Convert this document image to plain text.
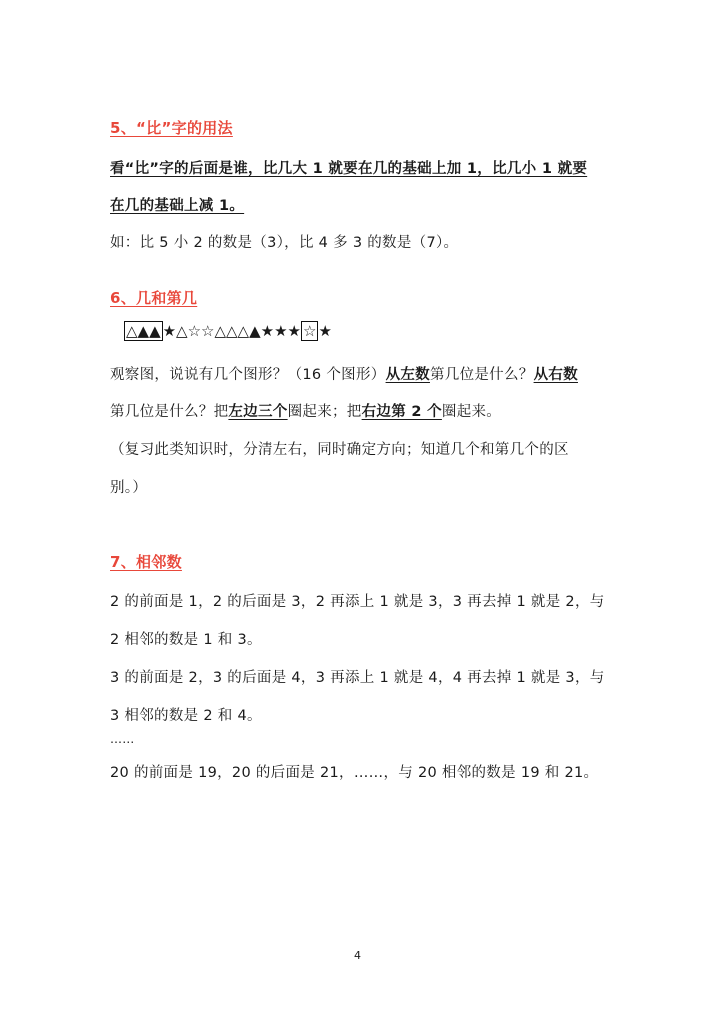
5、“比”字的用法
看“比”字的后面是谁，比几大 1 就要在几的基础上加 1，比几小 1 就要
在几的基础上减 1。
如：比 5 小 2 的数是（3），比 4 多 3 的数是（7）。
6、几和第几
△▲▲ ★△☆☆△△△▲★★★ ☆ ★
观察图，说说有几个图形？（16 个图形）从左数第几位是什么？从右数
第几位是什么？把左边三个圈起来；把右边第 2 个圈起来。
（复习此类知识时，分清左右，同时确定方向；知道几个和第几个的区
别。）
7、相邻数
2 的前面是 1，2 的后面是 3，2 再添上 1 就是 3，3 再去掉 1 就是 2，与
2 相邻的数是 1 和 3。
3 的前面是 2，3 的后面是 4，3 再添上 1 就是 4，4 再去掉 1 就是 3，与
3 相邻的数是 2 和 4。
……
20 的前面是 19，20 的后面是 21，……，与 20 相邻的数是 19 和 21。
4
